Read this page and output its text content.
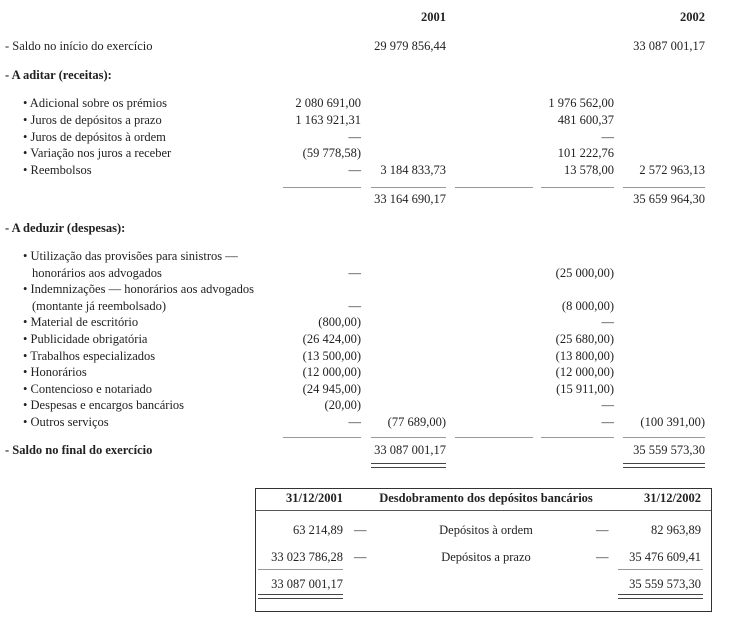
2001	2002
- Saldo no início do exercício	29 979 856,44	33 087 001,17
- A aditar (receitas):
• Adicional sobre os prémios	2 080 691,00	1 976 562,00
• Juros de depósitos a prazo	1 163 921,31	481 600,37
• Juros de depósitos à ordem	—	—
• Variação nos juros a receber	(59 778,58)	101 222,76
• Reembolsos	—	3 184 833,73	13 578,00	2 572 963,13
33 164 690,17	35 659 964,30
- A deduzir (despesas):
• Utilização das provisões para sinistros —
honorários aos advogados	—	(25 000,00)
• Indemnizações — honorários aos advogados
(montante já reembolsado)	—	(8 000,00)
• Material de escritório	(800,00)	—
• Publicidade obrigatória	(26 424,00)	(25 680,00)
• Trabalhos especializados	(13 500,00)	(13 800,00)
• Honorários	(12 000,00)	(12 000,00)
• Contencioso e notariado	(24 945,00)	(15 911,00)
• Despesas e encargos bancários	(20,00)	—
• Outros serviços	—	(77 689,00)	—	(100 391,00)
- Saldo no final do exercício	33 087 001,17	35 559 573,30
31/12/2001	Desdobramento dos depósitos bancários	31/12/2002
63 214,89 —	Depósitos à ordem	—	82 963,89
33 023 786,28 —	Depósitos a prazo	—	35 476 609,41
33 087 001,17	35 559 573,30
